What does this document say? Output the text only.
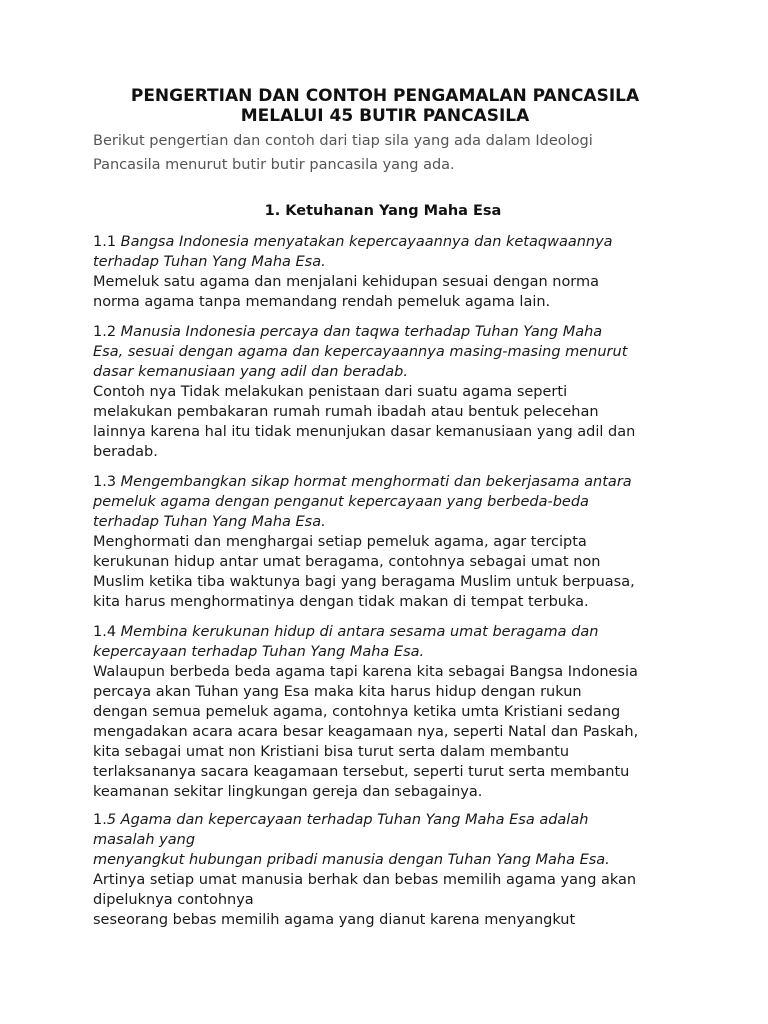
PENGERTIAN DAN CONTOH PENGAMALAN PANCASILA
MELALUI 45 BUTIR PANCASILA

Berikut pengertian dan contoh dari tiap sila yang ada dalam Ideologi
Pancasila menurut butir butir pancasila yang ada.

1. Ketuhanan Yang Maha Esa
1.1 Bangsa Indonesia menyatakan kepercayaannya dan ketaqwaannya
terhadap Tuhan Yang Maha Esa.
Memeluk satu agama dan menjalani kehidupan sesuai dengan norma
norma agama tanpa memandang rendah pemeluk agama lain.
1.2 Manusia Indonesia percaya dan taqwa terhadap Tuhan Yang Maha
Esa, sesuai dengan agama dan kepercayaannya masing-masing menurut
dasar kemanusiaan yang adil dan beradab.
Contoh nya Tidak melakukan penistaan dari suatu agama seperti
melakukan pembakaran rumah rumah ibadah atau bentuk pelecehan
lainnya karena hal itu tidak menunjukan dasar kemanusiaan yang adil dan
beradab.
1.3 Mengembangkan sikap hormat menghormati dan bekerjasama antara
pemeluk agama dengan penganut kepercayaan yang berbeda-beda
terhadap Tuhan Yang Maha Esa.
Menghormati dan menghargai setiap pemeluk agama, agar tercipta
kerukunan hidup antar umat beragama, contohnya sebagai umat non
Muslim ketika tiba waktunya bagi yang beragama Muslim untuk berpuasa,
kita harus menghormatinya dengan tidak makan di tempat terbuka.
1.4 Membina kerukunan hidup di antara sesama umat beragama dan
kepercayaan terhadap Tuhan Yang Maha Esa.
Walaupun berbeda beda agama tapi karena kita sebagai Bangsa Indonesia
percaya akan Tuhan yang Esa maka kita harus hidup dengan rukun
dengan semua pemeluk agama, contohnya ketika umta Kristiani sedang
mengadakan acara acara besar keagamaan nya, seperti Natal dan Paskah,
kita sebagai umat non Kristiani bisa turut serta dalam membantu
terlaksananya sacara keagamaan tersebut, seperti turut serta membantu
keamanan sekitar lingkungan gereja dan sebagainya.
1.5 Agama dan kepercayaan terhadap Tuhan Yang Maha Esa adalah
masalah yang
menyangkut hubungan pribadi manusia dengan Tuhan Yang Maha Esa.
Artinya setiap umat manusia berhak dan bebas memilih agama yang akan
dipeluknya contohnya
seseorang bebas memilih agama yang dianut karena menyangkut
